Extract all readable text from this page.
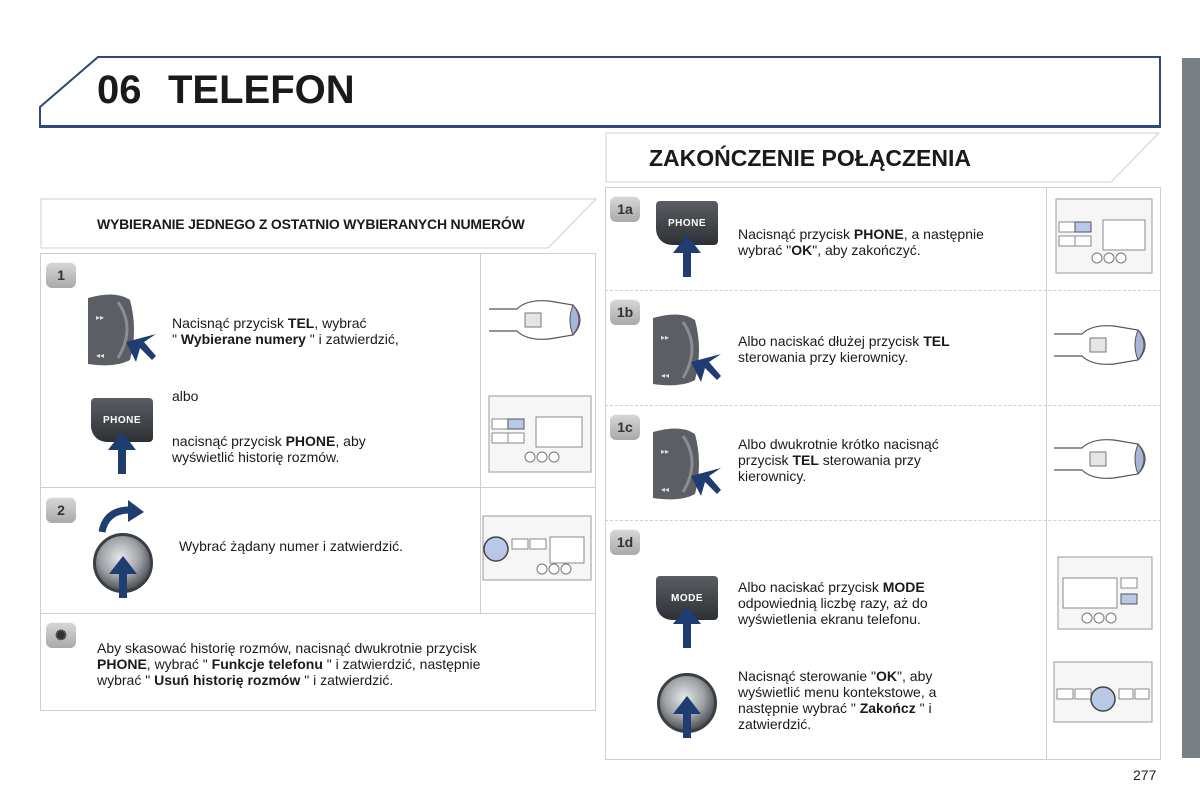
06 TELEFON
WYBIERANIE JEDNEGO Z OSTATNIO WYBIERANYCH NUMERÓW
1
▸▸
◂◂
Nacisnąć przycisk TEL, wybrać
" Wybierane numery " i zatwierdzić,
albo
PHONE
nacisnąć przycisk PHONE, aby
wyświetlić historię rozmów.
2
Wybrać żądany numer i zatwierdzić.
✺
Aby skasować historię rozmów, nacisnąć dwukrotnie przycisk
PHONE, wybrać " Funkcje telefonu " i zatwierdzić, następnie
wybrać " Usuń historię rozmów " i zatwierdzić.
ZAKOŃCZENIE POŁĄCZENIA
1a
PHONE
Nacisnąć przycisk PHONE, a następnie
wybrać "OK", aby zakończyć.
1b
▸▸
◂◂
Albo naciskać dłużej przycisk TEL
sterowania przy kierownicy.
1c
▸▸
◂◂
Albo dwukrotnie krótko nacisnąć
przycisk TEL sterowania przy
kierownicy.
1d
MODE
Albo naciskać przycisk MODE
odpowiednią liczbę razy, aż do
wyświetlenia ekranu telefonu.
Nacisnąć sterowanie "OK", aby
wyświetlić menu kontekstowe, a
następnie wybrać " Zakończ " i
zatwierdzić.
277
